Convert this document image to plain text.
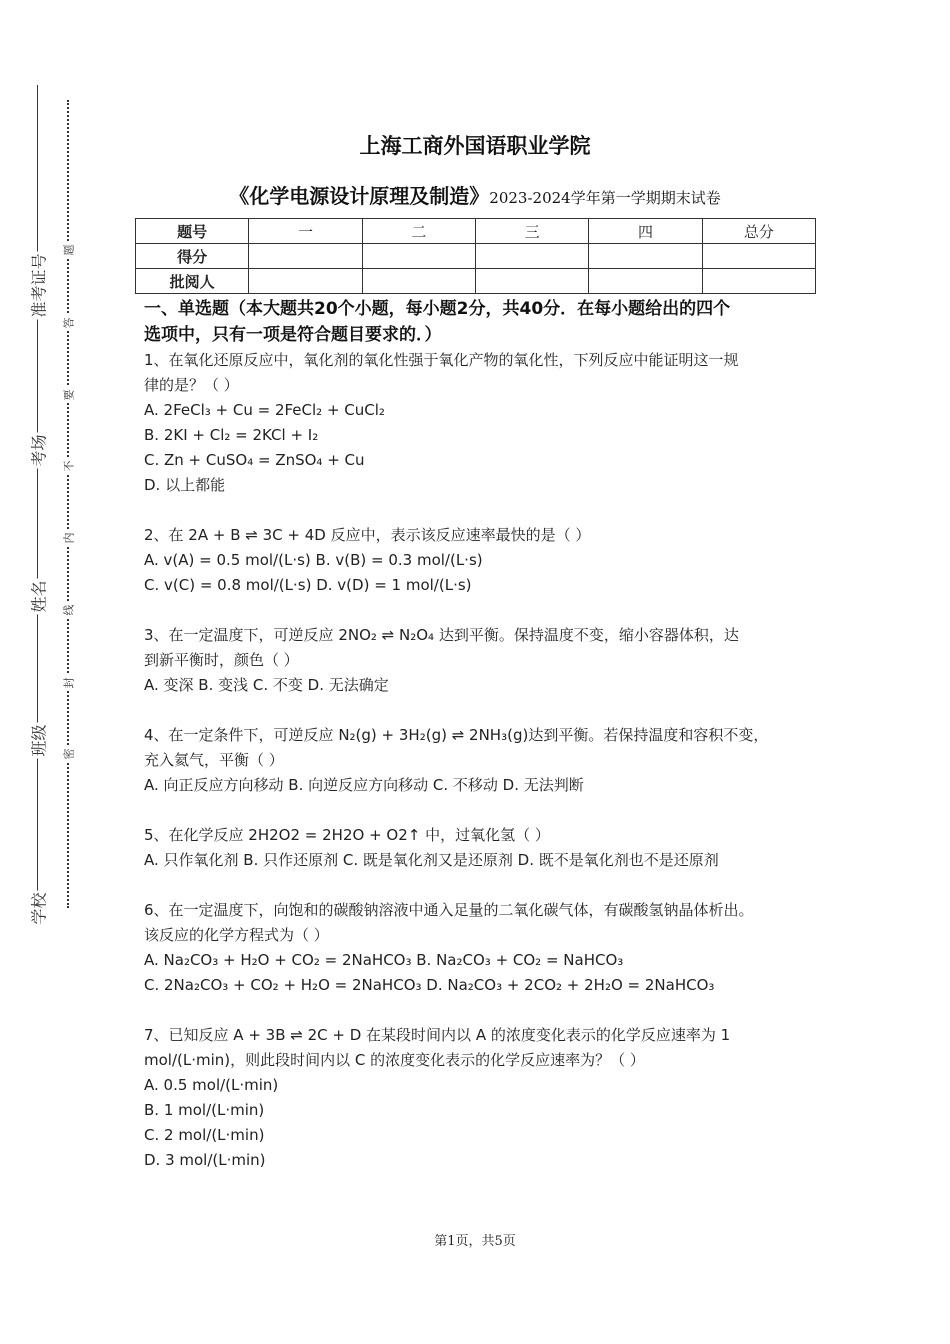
准考证号
考场
姓名
班级
学校
题
答
要
不
内
线
封
密
上海工商外国语职业学院
《化学电源设计原理及制造》2023-2024学年第一学期期末试卷
题号	一	二	三	四	总分
得分					
批阅人					
一、单选题（本大题共20个小题，每小题2分，共40分．在每小题给出的四个
选项中，只有一项是符合题目要求的．）
1、在氧化还原反应中，氧化剂的氧化性强于氧化产物的氧化性，下列反应中能证明这一规
律的是？（ ）
A. 2FeCl₃ + Cu = 2FeCl₂ + CuCl₂
B. 2KI + Cl₂ = 2KCl + I₂
C. Zn + CuSO₄ = ZnSO₄ + Cu
D. 以上都能
2、在 2A + B ⇌ 3C + 4D 反应中，表示该反应速率最快的是（ ）
A. v(A) = 0.5 mol/(L·s) B. v(B) = 0.3 mol/(L·s)
C. v(C) = 0.8 mol/(L·s) D. v(D) = 1 mol/(L·s)
3、在一定温度下，可逆反应 2NO₂ ⇌ N₂O₄ 达到平衡。保持温度不变，缩小容器体积，达
到新平衡时，颜色（ ）
A. 变深 B. 变浅 C. 不变 D. 无法确定
4、在一定条件下，可逆反应 N₂(g) + 3H₂(g) ⇌ 2NH₃(g)达到平衡。若保持温度和容积不变，
充入氦气，平衡（ ）
A. 向正反应方向移动 B. 向逆反应方向移动 C. 不移动 D. 无法判断
5、在化学反应 2H2O2 = 2H2O + O2↑ 中，过氧化氢（ ）
A. 只作氧化剂 B. 只作还原剂 C. 既是氧化剂又是还原剂 D. 既不是氧化剂也不是还原剂
6、在一定温度下，向饱和的碳酸钠溶液中通入足量的二氧化碳气体，有碳酸氢钠晶体析出。
该反应的化学方程式为（ ）
A. Na₂CO₃ + H₂O + CO₂ = 2NaHCO₃ B. Na₂CO₃ + CO₂ = NaHCO₃
C. 2Na₂CO₃ + CO₂ + H₂O = 2NaHCO₃ D. Na₂CO₃ + 2CO₂ + 2H₂O = 2NaHCO₃
7、已知反应 A + 3B ⇌ 2C + D 在某段时间内以 A 的浓度变化表示的化学反应速率为 1
mol/(L·min)，则此段时间内以 C 的浓度变化表示的化学反应速率为？（ ）
A. 0.5 mol/(L·min)
B. 1 mol/(L·min)
C. 2 mol/(L·min)
D. 3 mol/(L·min)
第1页，共5页
